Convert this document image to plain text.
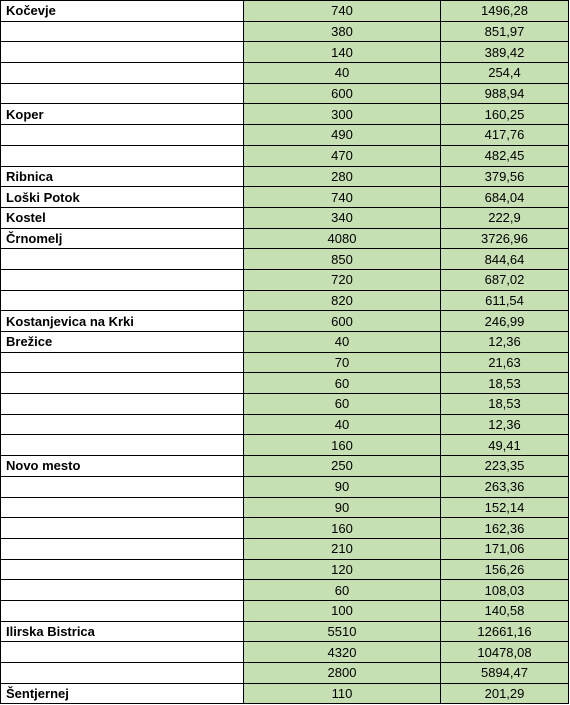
Kočevje	740	1496,28
	380	851,97
	140	389,42
	40	254,4
	600	988,94
Koper	300	160,25
	490	417,76
	470	482,45
Ribnica	280	379,56
Loški Potok	740	684,04
Kostel	340	222,9
Črnomelj	4080	3726,96
	850	844,64
	720	687,02
	820	611,54
Kostanjevica na Krki	600	246,99
Brežice	40	12,36
	70	21,63
	60	18,53
	60	18,53
	40	12,36
	160	49,41
Novo mesto	250	223,35
	90	263,36
	90	152,14
	160	162,36
	210	171,06
	120	156,26
	60	108,03
	100	140,58
Ilirska Bistrica	5510	12661,16
	4320	10478,08
	2800	5894,47
Šentjernej	110	201,29
